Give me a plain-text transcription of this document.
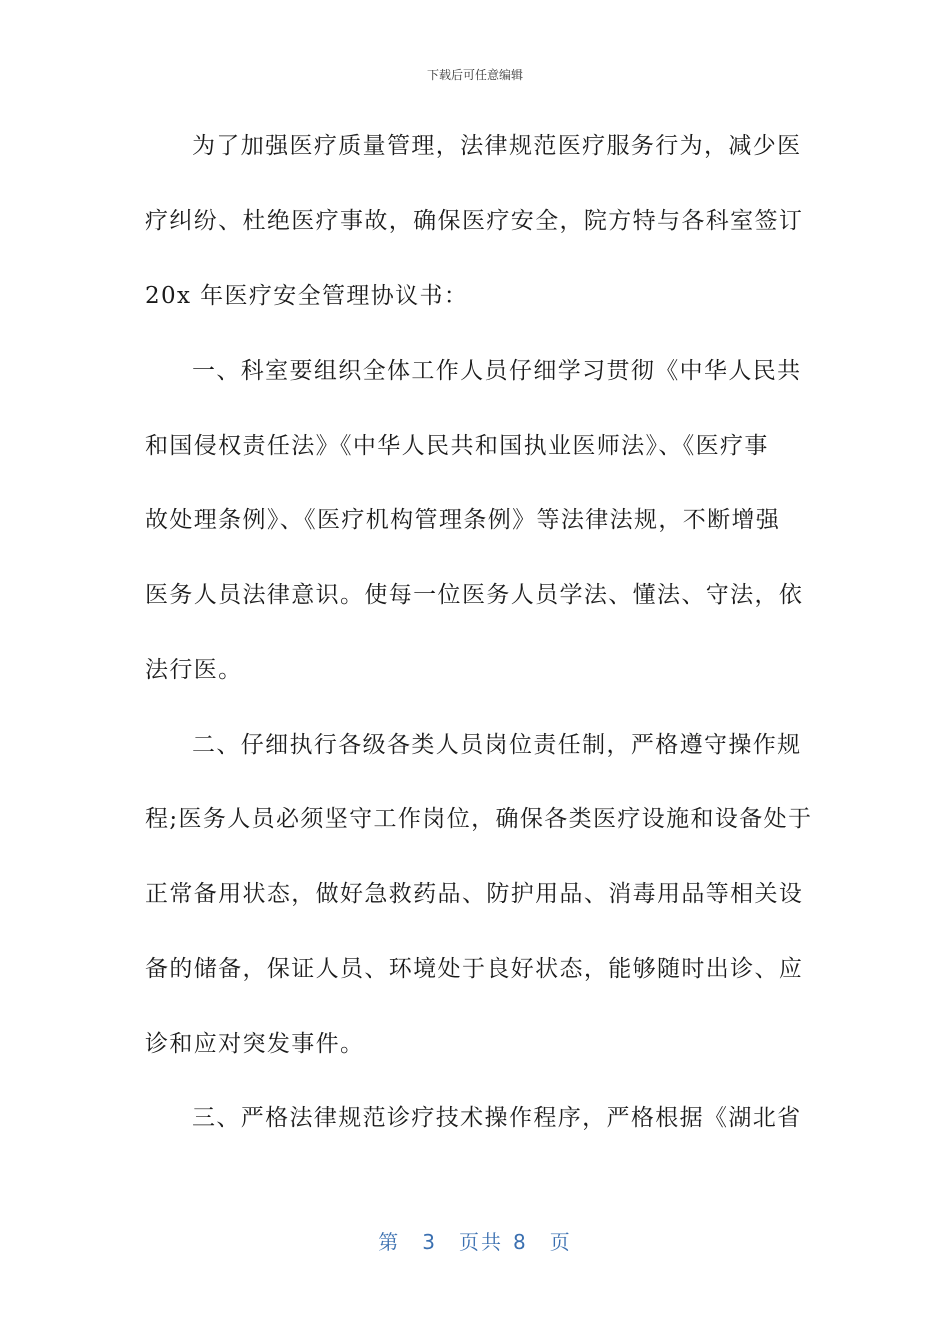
下载后可任意编辑
为了加强医疗质量管理，法律规范医疗服务行为，减少医
疗纠纷、杜绝医疗事故，确保医疗安全，院方特与各科室签订
20x 年医疗安全管理协议书：
一、科室要组织全体工作人员仔细学习贯彻《中华人民共
和国侵权责任法》《中华人民共和国执业医师法》、《医疗事
故处理条例》、《医疗机构管理条例》等法律法规，不断增强
医务人员法律意识。使每一位医务人员学法、懂法、守法，依
法行医。
二、仔细执行各级各类人员岗位责任制，严格遵守操作规
程;医务人员必须坚守工作岗位，确保各类医疗设施和设备处于
正常备用状态，做好急救药品、防护用品、消毒用品等相关设
备的储备，保证人员、环境处于良好状态，能够随时出诊、应
诊和应对突发事件。
三、严格法律规范诊疗技术操作程序，严格根据《湖北省
第 3 页共 8 页
